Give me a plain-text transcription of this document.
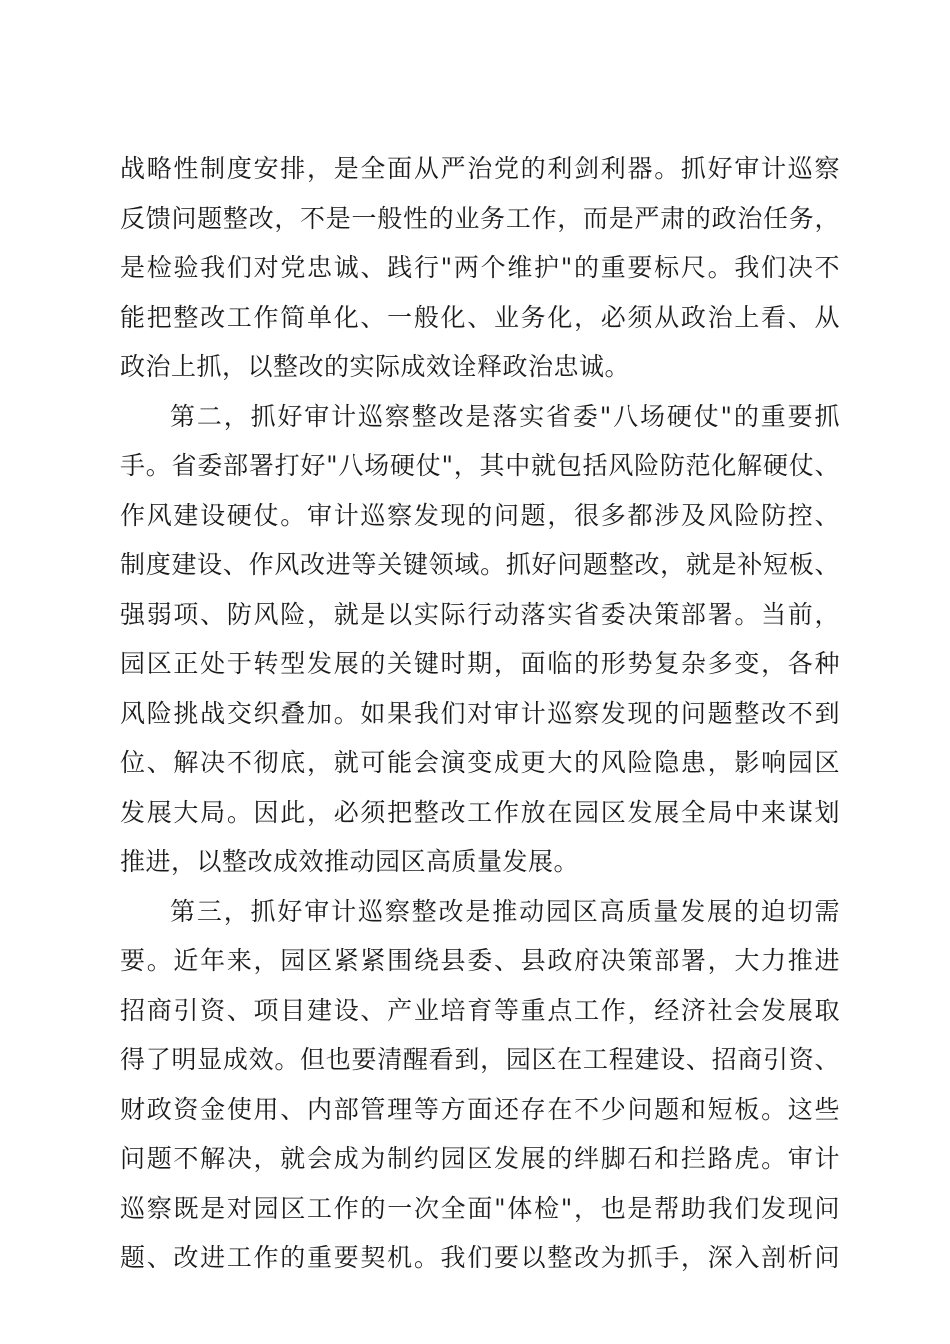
战略性制度安排，是全面从严治党的利剑利器。抓好审计巡察
反馈问题整改，不是一般性的业务工作，而是严肃的政治任务，
是检验我们对党忠诚、践行"两个维护"的重要标尺。我们决不
能把整改工作简单化、一般化、业务化，必须从政治上看、从
政治上抓，以整改的实际成效诠释政治忠诚。
第二，抓好审计巡察整改是落实省委"八场硬仗"的重要抓
手。省委部署打好"八场硬仗"，其中就包括风险防范化解硬仗、
作风建设硬仗。审计巡察发现的问题，很多都涉及风险防控、
制度建设、作风改进等关键领域。抓好问题整改，就是补短板、
强弱项、防风险，就是以实际行动落实省委决策部署。当前，
园区正处于转型发展的关键时期，面临的形势复杂多变，各种
风险挑战交织叠加。如果我们对审计巡察发现的问题整改不到
位、解决不彻底，就可能会演变成更大的风险隐患，影响园区
发展大局。因此，必须把整改工作放在园区发展全局中来谋划
推进，以整改成效推动园区高质量发展。
第三，抓好审计巡察整改是推动园区高质量发展的迫切需
要。近年来，园区紧紧围绕县委、县政府决策部署，大力推进
招商引资、项目建设、产业培育等重点工作，经济社会发展取
得了明显成效。但也要清醒看到，园区在工程建设、招商引资、
财政资金使用、内部管理等方面还存在不少问题和短板。这些
问题不解决，就会成为制约园区发展的绊脚石和拦路虎。审计
巡察既是对园区工作的一次全面"体检"，也是帮助我们发现问
题、改进工作的重要契机。我们要以整改为抓手，深入剖析问
